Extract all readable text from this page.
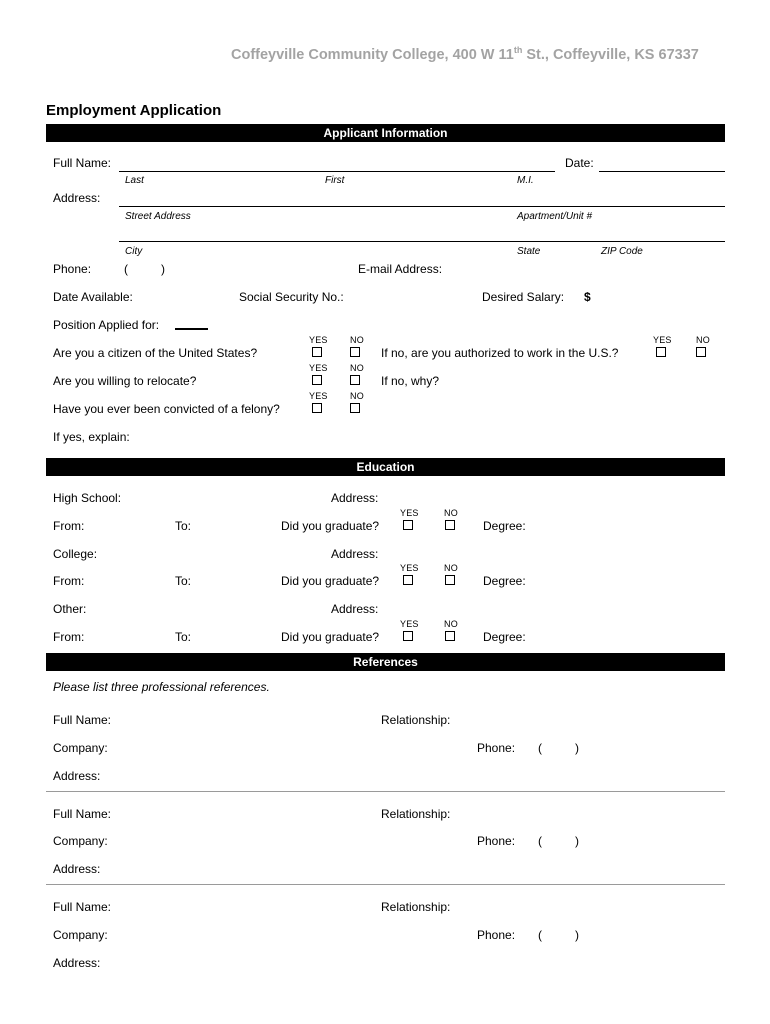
Coffeyville Community College, 400 W 11th St., Coffeyville, KS 67337
Employment Application
Applicant Information
Full Name:	Date:
Last	First	M.I.
Address:
Street Address	Apartment/Unit #
City	State	ZIP Code
Phone:	(	)	E-mail Address:
Date Available:	Social Security No.:	Desired Salary: $
Position Applied for:
YES NO	YES	NO
Are you a citizen of the United States?	If no, are you authorized to work in the U.S.?
YES NO
Are you willing to relocate?	If no, why?
YES NO
Have you ever been convicted of a felony?
If yes, explain:
Education
High School:	Address:
YES	NO
From:	To:	Did you graduate?	Degree:
College:	Address:
YES	NO
From:	To:	Did you graduate?	Degree:
Other:	Address:
YES	NO
From:	To:	Did you graduate?	Degree:
References
Please list three professional references.
Full Name:	Relationship:
Company:	Phone: (	)
Address:
Full Name:	Relationship:
Company:	Phone: (	)
Address:
Full Name:	Relationship:
Company:	Phone: (	)
Address:
